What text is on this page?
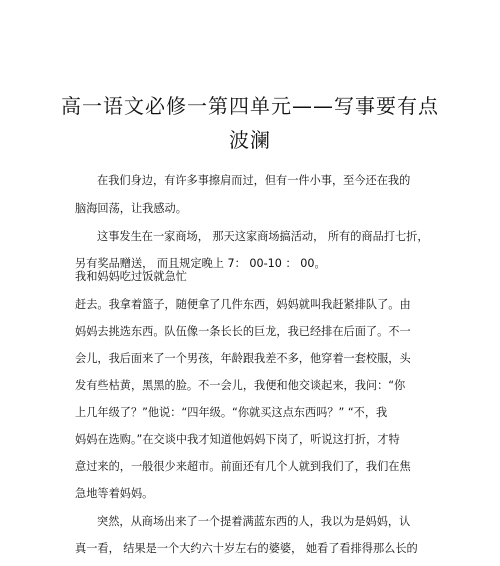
高一语文必修一第四单元——写事要有点
波澜
在我们身边，有许多事擦肩而过，但有一件小事，至今还在我的
脑海回荡，让我感动。
这事发生在一家商场， 那天这家商场搞活动， 所有的商品打七折，
另有奖品赠送， 而且规定晚上 7： 00-10 ： 00。
我和妈妈吃过饭就急忙
赶去。我拿着篮子，随便拿了几件东西，妈妈就叫我赶紧排队了。由
妈妈去挑选东西。队伍像一条长长的巨龙，我已经排在后面了。不一
会儿，我后面来了一个男孩，年龄跟我差不多，他穿着一套校服，头
发有些枯黄，黑黑的脸。不一会儿，我便和他交谈起来，我问：“你
上几年级了？”他说：“四年级。“你就买这点东西吗？” “不，我
妈妈在选购。”在交谈中我才知道他妈妈下岗了，听说这打折，才特
意过来的，一般很少来超市。前面还有几个人就到我们了，我们在焦
急地等着妈妈。
突然，从商场出来了一个提着满蓝东西的人，我以为是妈妈，认
真一看， 结果是一个大约六十岁左右的婆婆， 她看了看排得那么长的
